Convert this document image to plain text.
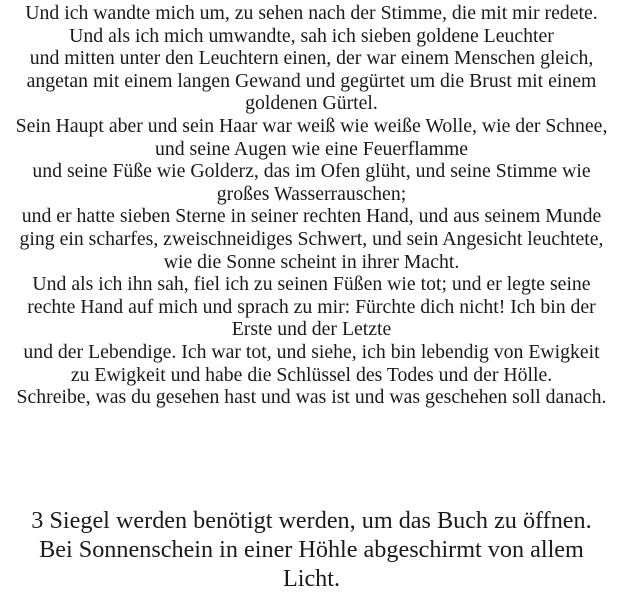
Und ich wandte mich um, zu sehen nach der Stimme, die mit mir redete.
Und als ich mich umwandte, sah ich sieben goldene Leuchter
und mitten unter den Leuchtern einen, der war einem Menschen gleich,
angetan mit einem langen Gewand und gegürtet um die Brust mit einem
goldenen Gürtel.
Sein Haupt aber und sein Haar war weiß wie weiße Wolle, wie der Schnee,
und seine Augen wie eine Feuerflamme
und seine Füße wie Golderz, das im Ofen glüht, und seine Stimme wie
großes Wasserrauschen;
und er hatte sieben Sterne in seiner rechten Hand, und aus seinem Munde
ging ein scharfes, zweischneidiges Schwert, und sein Angesicht leuchtete,
wie die Sonne scheint in ihrer Macht.
Und als ich ihn sah, fiel ich zu seinen Füßen wie tot; und er legte seine
rechte Hand auf mich und sprach zu mir: Fürchte dich nicht! Ich bin der
Erste und der Letzte
und der Lebendige. Ich war tot, und siehe, ich bin lebendig von Ewigkeit
zu Ewigkeit und habe die Schlüssel des Todes und der Hölle.
Schreibe, was du gesehen hast und was ist und was geschehen soll danach.
3 Siegel werden benötigt werden, um das Buch zu öffnen.
Bei Sonnenschein in einer Höhle abgeschirmt von allem
Licht.
